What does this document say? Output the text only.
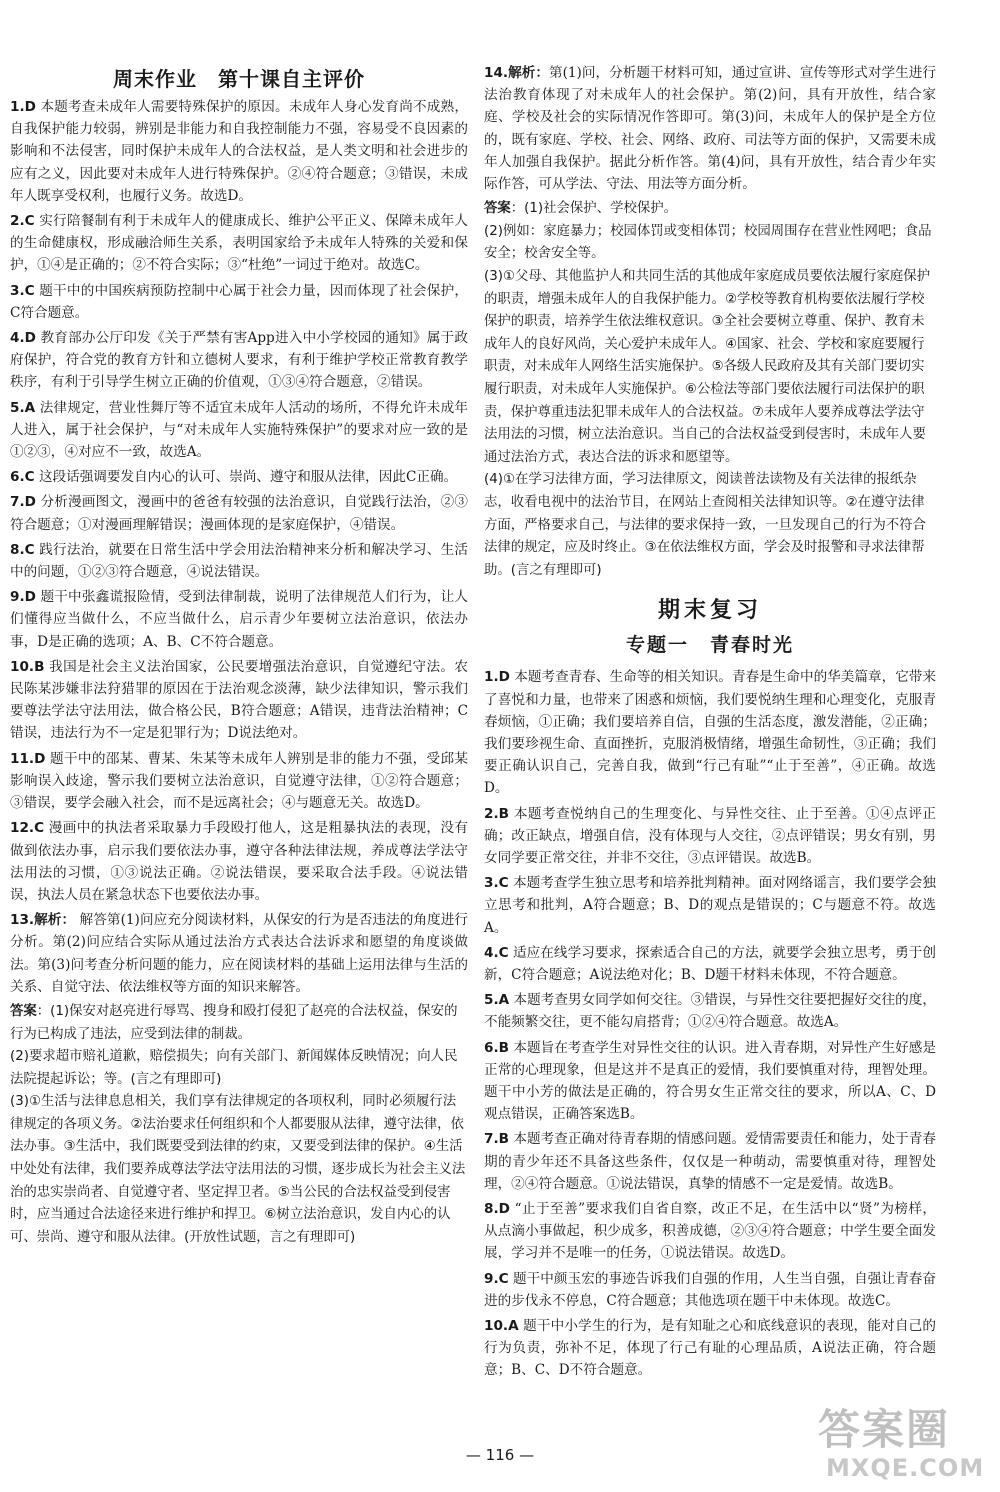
周末作业　第十课自主评价
1.D 本题考查未成年人需要特殊保护的原因。未成年人身心发育尚不成熟，自我保护能力较弱，辨别是非能力和自我控制能力不强，容易受不良因素的影响和不法侵害，同时保护未成年人的合法权益，是人类文明和社会进步的应有之义，因此要对未成年人进行特殊保护。②④符合题意；③错误，未成年人既享受权利，也履行义务。故选D。
2.C 实行陪餐制有利于未成年人的健康成长、维护公平正义、保障未成年人的生命健康权，形成融洽师生关系，表明国家给予未成年人特殊的关爱和保护，①④是正确的；②不符合实际；③“杜绝”一词过于绝对。故选C。
3.C 题干中的中国疾病预防控制中心属于社会力量，因而体现了社会保护，C符合题意。
4.D 教育部办公厅印发《关于严禁有害App进入中小学校园的通知》属于政府保护，符合党的教育方针和立德树人要求，有利于维护学校正常教育教学秩序，有利于引导学生树立正确的价值观，①③④符合题意，②错误。
5.A 法律规定，营业性舞厅等不适宜未成年人活动的场所，不得允许未成年人进入，属于社会保护，与“对未成年人实施特殊保护”的要求对应一致的是①②③，④对应不一致，故选A。
6.C 这段话强调要发自内心的认可、崇尚、遵守和服从法律，因此C正确。
7.D 分析漫画图文，漫画中的爸爸有较强的法治意识，自觉践行法治，②③符合题意；①对漫画理解错误；漫画体现的是家庭保护，④错误。
8.C 践行法治，就要在日常生活中学会用法治精神来分析和解决学习、生活中的问题，①②③符合题意，④说法错误。
9.D 题干中张鑫谎报险情，受到法律制裁，说明了法律规范人们行为，让人们懂得应当做什么，不应当做什么，启示青少年要树立法治意识，依法办事，D是正确的选项；A、B、C不符合题意。
10.B 我国是社会主义法治国家，公民要增强法治意识，自觉遵纪守法。农民陈某涉嫌非法狩猎罪的原因在于法治观念淡薄，缺少法律知识，警示我们要尊法学法守法用法，做合格公民，B符合题意；A错误，违背法治精神；C错误，违法行为不一定是犯罪行为；D说法绝对。
11.D 题干中的邵某、曹某、朱某等未成年人辨别是非的能力不强，受邱某影响误入歧途，警示我们要树立法治意识，自觉遵守法律，①②符合题意；③错误，要学会融入社会，而不是远离社会；④与题意无关。故选D。
12.C 漫画中的执法者采取暴力手段殴打他人，这是粗暴执法的表现，没有做到依法办事，启示我们要依法办事，遵守各种法律法规，养成尊法学法守法用法的习惯，①③说法正确。②说法错误，要采取合法手段。④说法错误，执法人员在紧急状态下也要依法办事。
13.解析： 解答第(1)问应充分阅读材料，从保安的行为是否违法的角度进行分析。第(2)问应结合实际从通过法治方式表达合法诉求和愿望的角度谈做法。第(3)问考查分析问题的能力，应在阅读材料的基础上运用法律与生活的关系、自觉守法、依法维权等方面的知识来解答。
答案：(1)保安对赵亮进行辱骂、搜身和殴打侵犯了赵亮的合法权益，保安的行为已构成了违法，应受到法律的制裁。
(2)要求超市赔礼道歉，赔偿损失；向有关部门、新闻媒体反映情况；向人民法院提起诉讼；等。(言之有理即可)
(3)①生活与法律息息相关，我们享有法律规定的各项权利，同时必须履行法律规定的各项义务。②法治要求任何组织和个人都要服从法律，遵守法律，依法办事。③生活中，我们既要受到法律的约束，又要受到法律的保护。④生活中处处有法律，我们要养成尊法学法守法用法的习惯，逐步成长为社会主义法治的忠实崇尚者、自觉遵守者、坚定捍卫者。⑤当公民的合法权益受到侵害时，应当通过合法途径来进行维护和捍卫。⑥树立法治意识，发自内心的认可、崇尚、遵守和服从法律。(开放性试题，言之有理即可)
14.解析：第(1)问，分析题干材料可知，通过宣讲、宣传等形式对学生进行法治教育体现了对未成年人的社会保护。第(2)问，具有开放性，结合家庭、学校及社会的实际情况作答即可。第(3)问，未成年人的保护是全方位的，既有家庭、学校、社会、网络、政府、司法等方面的保护，又需要未成年人加强自我保护。据此分析作答。第(4)问，具有开放性，结合青少年实际作答，可从学法、守法、用法等方面分析。
答案：(1)社会保护、学校保护。
(2)例如：家庭暴力；校园体罚或变相体罚；校园周围存在营业性网吧；食品安全；校舍安全等。
(3)①父母、其他监护人和共同生活的其他成年家庭成员要依法履行家庭保护的职责，增强未成年人的自我保护能力。②学校等教育机构要依法履行学校保护的职责，培养学生依法维权意识。③全社会要树立尊重、保护、教育未成年人的良好风尚，关心爱护未成年人。④国家、社会、学校和家庭要履行职责，对未成年人网络生活实施保护。⑤各级人民政府及其有关部门要切实履行职责，对未成年人实施保护。⑥公检法等部门要依法履行司法保护的职责，保护尊重违法犯罪未成年人的合法权益。⑦未成年人要养成尊法学法守法用法的习惯，树立法治意识。当自己的合法权益受到侵害时，未成年人要通过法治方式，表达合法的诉求和愿望等。
(4)①在学习法律方面，学习法律原文，阅读普法读物及有关法律的报纸杂志，收看电视中的法治节目，在网站上查阅相关法律知识等。②在遵守法律方面，严格要求自己，与法律的要求保持一致，一旦发现自己的行为不符合法律的规定，应及时终止。③在依法维权方面，学会及时报警和寻求法律帮助。(言之有理即可)
期末复习
专题一　青春时光
1.D 本题考查青春、生命等的相关知识。青春是生命中的华美篇章，它带来了喜悦和力量，也带来了困惑和烦恼，我们要悦纳生理和心理变化，克服青春烦恼，①正确；我们要培养自信，自强的生活态度，激发潜能，②正确；我们要珍视生命、直面挫折，克服消极情绪，增强生命韧性，③正确；我们要正确认识自己，完善自我，做到“行己有耻”“止于至善”，④正确。故选D。
2.B 本题考查悦纳自己的生理变化、与异性交往、止于至善。①④点评正确；改正缺点，增强自信，没有体现与人交往，②点评错误；男女有别，男女同学要正常交往，并非不交往，③点评错误。故选B。
3.C 本题考查学生独立思考和培养批判精神。面对网络谣言，我们要学会独立思考和批判，A符合题意；B、D的观点是错误的；C与题意不符。故选A。
4.C 适应在线学习要求，探索适合自己的方法，就要学会独立思考，勇于创新，C符合题意；A说法绝对化；B、D题干材料未体现，不符合题意。
5.A 本题考查男女同学如何交往。③错误，与异性交往要把握好交往的度，不能频繁交往，更不能勾肩搭背；①②④符合题意。故选A。
6.B 本题旨在考查学生对异性交往的认识。进入青春期，对异性产生好感是正常的心理现象，但是这并不是真正的爱情，我们要慎重对待，理智处理。题干中小芳的做法是正确的，符合男女生正常交往的要求，所以A、C、D观点错误，正确答案选B。
7.B 本题考查正确对待青春期的情感问题。爱情需要责任和能力，处于青春期的青少年还不具备这些条件，仅仅是一种萌动，需要慎重对待，理智处理，②④符合题意。①说法错误，真挚的情感不一定是爱情。故选B。
8.D “止于至善”要求我们自省自察，改正不足，在生活中以“贤”为榜样，从点滴小事做起，积少成多，积善成德，②③④符合题意；中学生要全面发展，学习并不是唯一的任务，①说法错误。故选D。
9.C 题干中颜玉宏的事迹告诉我们自强的作用，人生当自强，自强让青春奋进的步伐永不停息，C符合题意；其他选项在题干中未体现。故选C。
10.A 题干中小学生的行为，是有知耻之心和底线意识的表现，能对自己的行为负责，弥补不足，体现了行己有耻的心理品质，A说法正确，符合题意；B、C、D不符合题意。
— 116 —
答案圈
MXQE.COM
